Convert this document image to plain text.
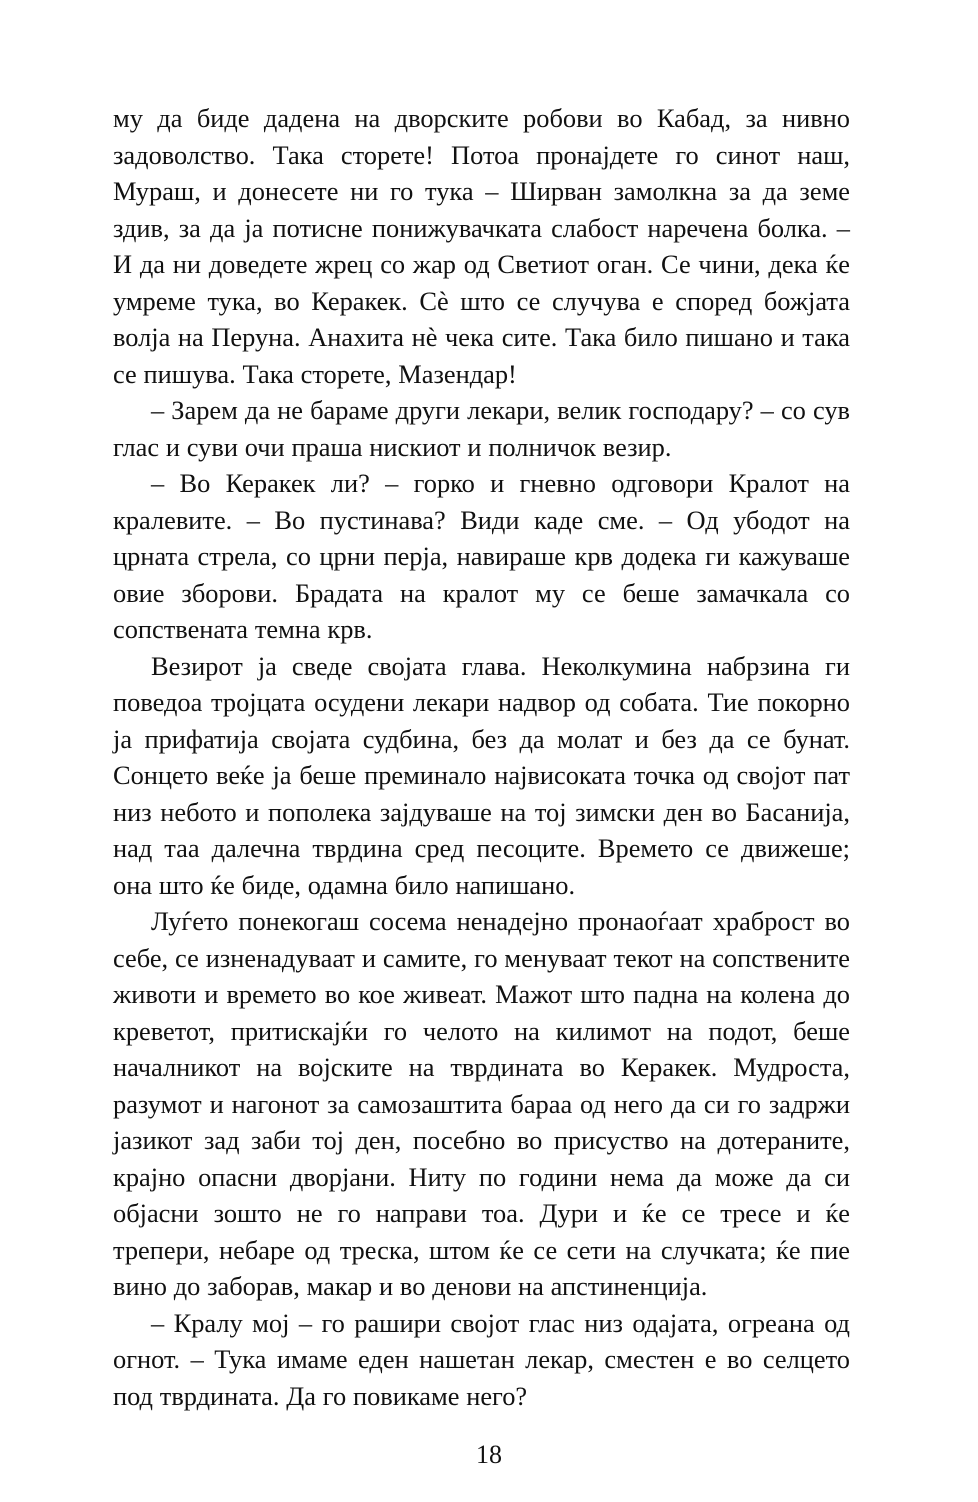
му да биде дадена на дворските робови во Кабад, за нивно задоволство. Така сторете! Потоа пронајдете го синот наш, Мураш, и донесете ни го тука – Ширван замолкна за да земе здив, за да ја потисне понижувачката слабост наречена болка. – И да ни доведете жрец со жар од Светиот оган. Се чини, дека ќе умреме тука, во Керакек. Сѐ што се случува е според божјата волја на Перуна. Анахита нѐ чека сите. Така било пишано и така се пишува. Така сторете, Мазендар!

– Зарем да не бараме други лекари, велик господару? – со сув глас и суви очи праша нискиот и полничок везир.

– Во Керакек ли? – горко и гневно одговори Кралот на кралевите. – Во пустинава? Види каде сме. – Од убодот на црната стрела, со црни перја, навираше крв додека ги кажуваше овие зборови. Брадата на кралот му се беше замачкала со сопствената темна крв.

Везирот ја сведе својата глава. Неколкумина набрзина ги поведоа тројцата осудени лекари надвор од собата. Тие покорно ја прифатија својата судбина, без да молат и без да се бунат. Сонцето веќе ја беше преминало највисоката точка од својот пат низ небото и пополека зајдуваше на тој зимски ден во Басанија, над таа далечна тврдина сред песоците. Времето се движеше; она што ќе биде, одамна било напишано.

Луѓето понекогаш сосема ненадејно пронаоѓаат храброст во себе, се изненадуваат и самите, го менуваат текот на сопствените животи и времето во кое живеат. Мажот што падна на колена до креветот, притискајќи го челото на килимот на подот, беше началникот на војските на тврдината во Керакек. Мудроста, разумот и нагонот за самозаштита бараа од него да си го задржи јазикот зад заби тој ден, посебно во присуство на дотераните, крајно опасни дворјани. Ниту по години нема да може да си објасни зошто не го направи тоа. Дури и ќе се тресе и ќе трепери, небаре од треска, штом ќе се сети на случката; ќе пие вино до заборав, макар и во денови на апстиненција.

– Кралу мој – го рашири својот глас низ одајата, огреана од огнот. – Тука имаме еден нашетан лекар, сместен е во селцето под тврдината. Да го повикаме него?

18
